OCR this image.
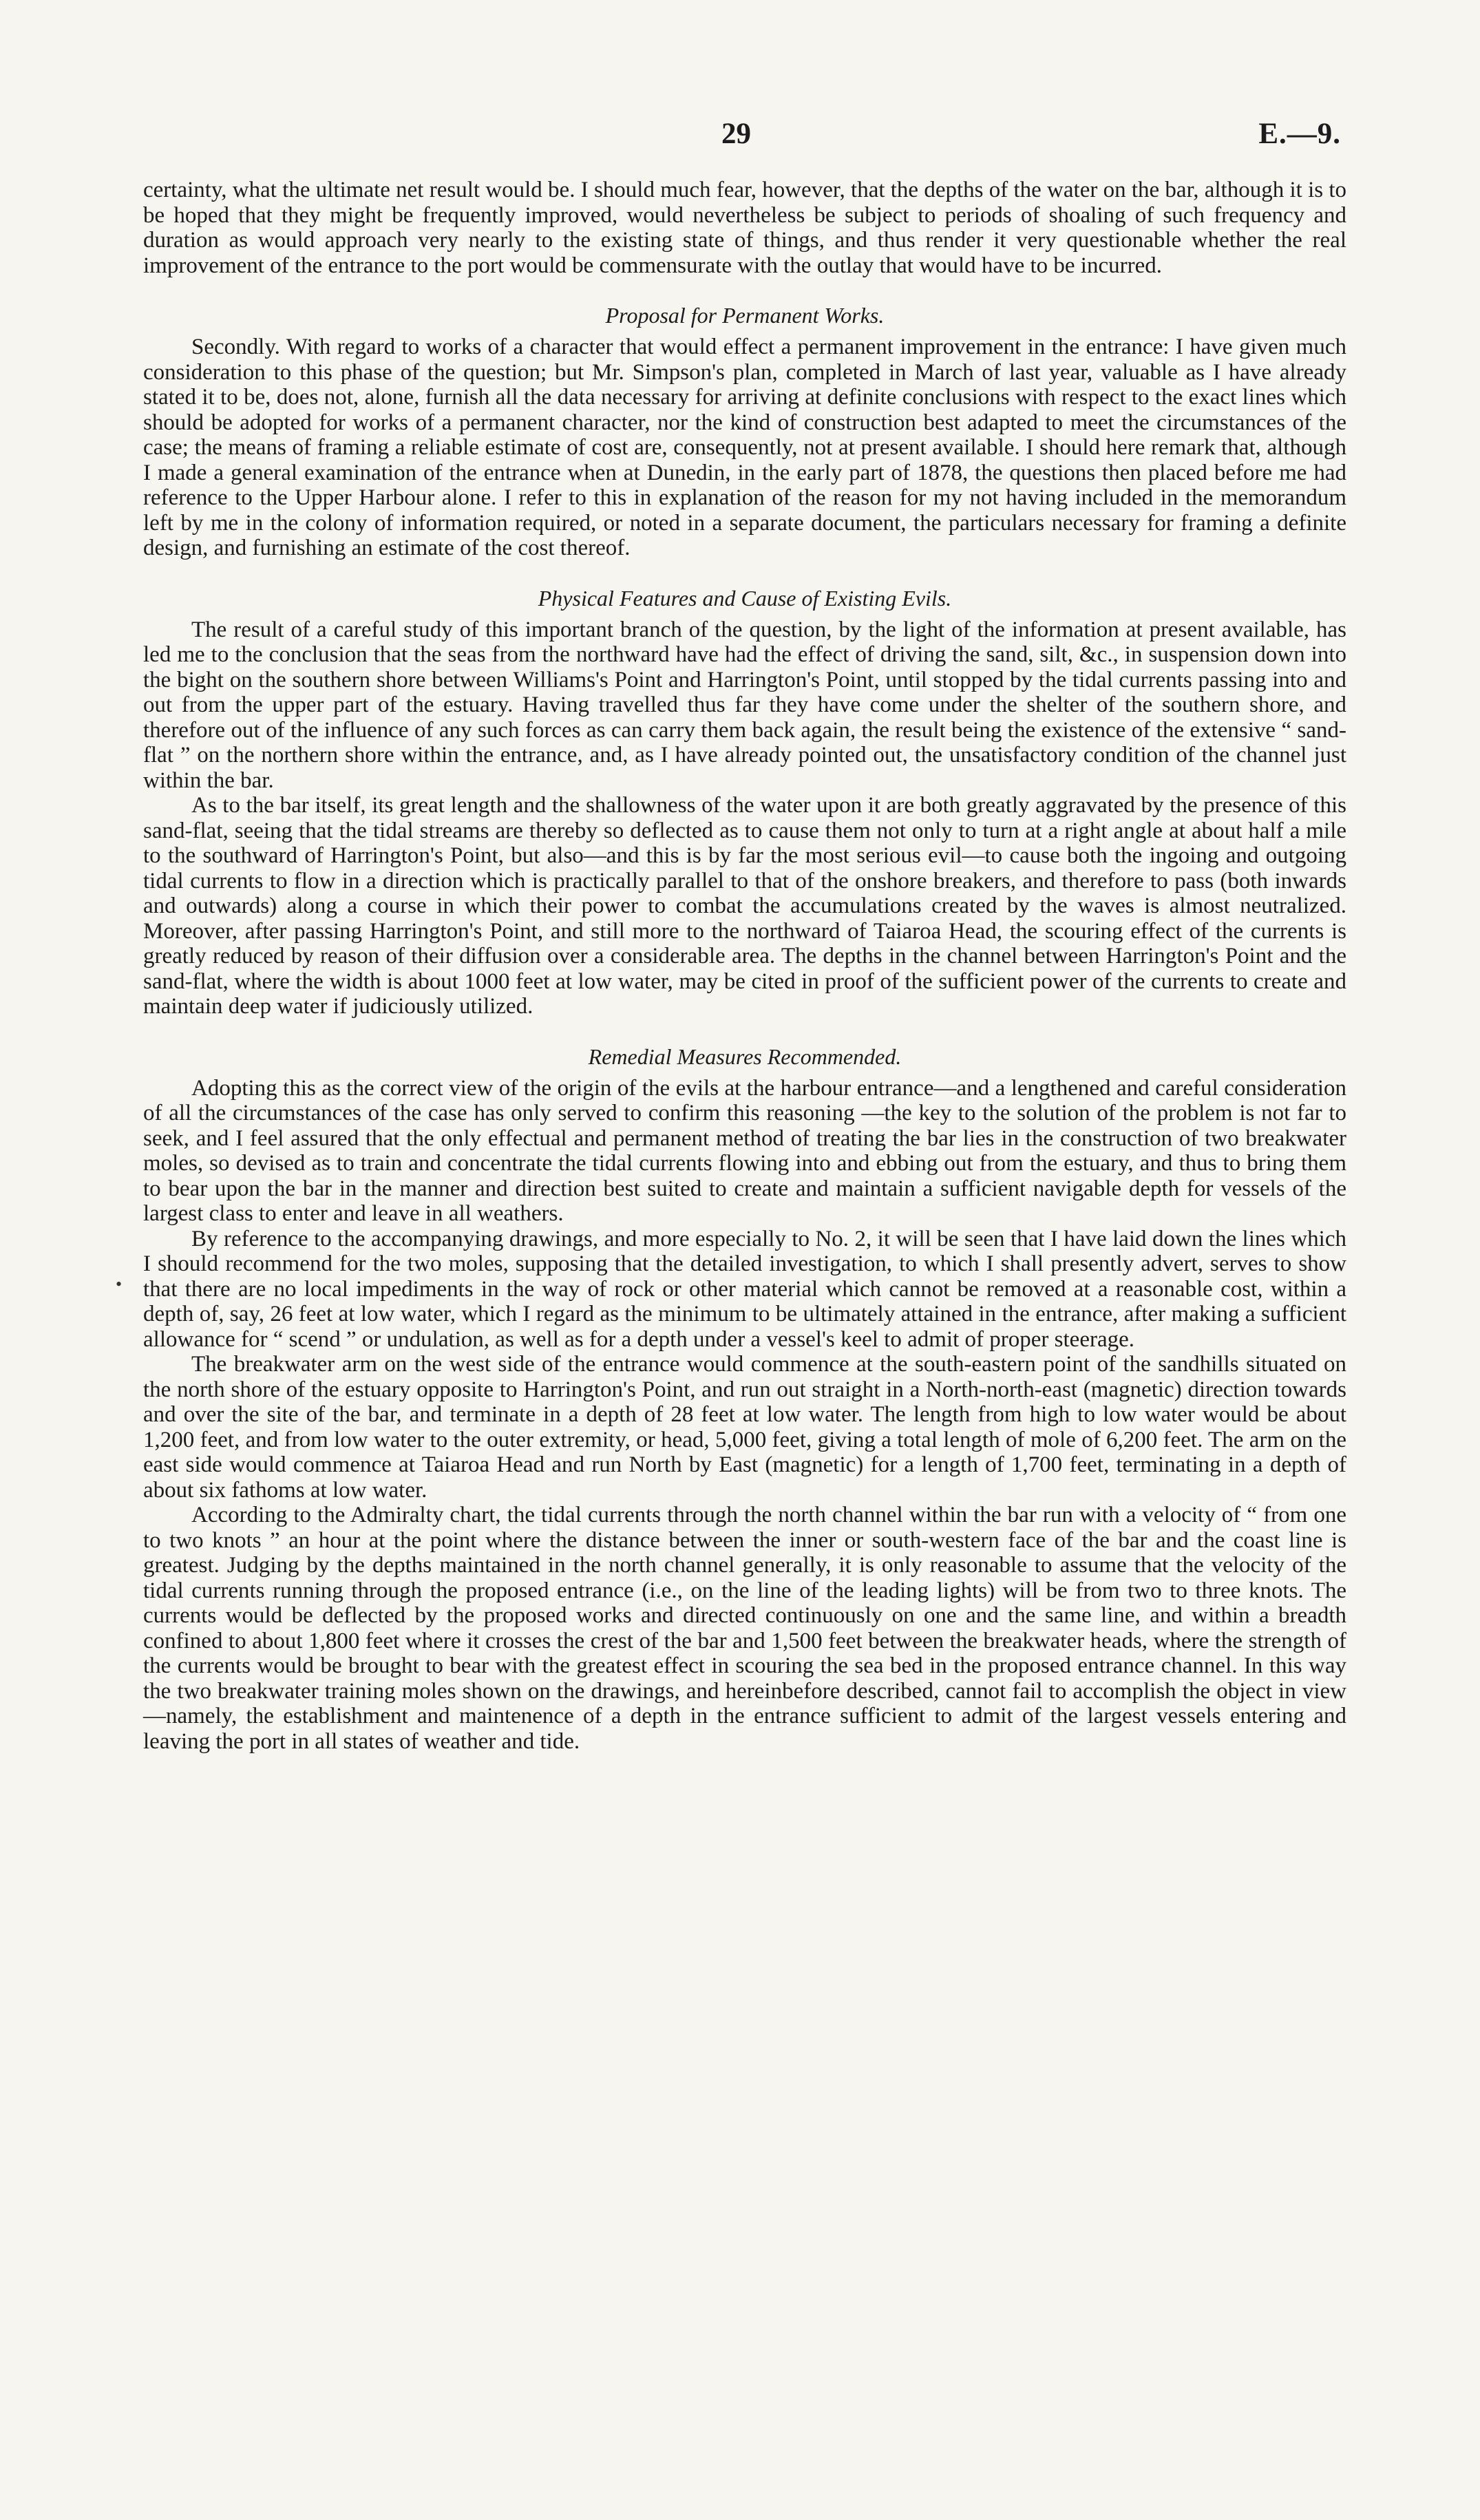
•
29	E.—9.

certainty, what the ultimate net result would be. I should much fear, however, that the depths of the water on the bar, although it is to be hoped that they might be frequently improved, would nevertheless be subject to periods of shoaling of such frequency and duration as would approach very nearly to the existing state of things, and thus render it very questionable whether the real improvement of the entrance to the port would be commensurate with the outlay that would have to be incurred.

Proposal for Permanent Works.

Secondly. With regard to works of a character that would effect a permanent improvement in the entrance: I have given much consideration to this phase of the question; but Mr. Simpson's plan, completed in March of last year, valuable as I have already stated it to be, does not, alone, furnish all the data necessary for arriving at definite conclusions with respect to the exact lines which should be adopted for works of a permanent character, nor the kind of construction best adapted to meet the circumstances of the case; the means of framing a reliable estimate of cost are, consequently, not at present available. I should here remark that, although I made a general examination of the entrance when at Dunedin, in the early part of 1878, the questions then placed before me had reference to the Upper Harbour alone. I refer to this in explanation of the reason for my not having included in the memorandum left by me in the colony of information required, or noted in a separate document, the particulars necessary for framing a definite design, and furnishing an estimate of the cost thereof.

Physical Features and Cause of Existing Evils.

The result of a careful study of this important branch of the question, by the light of the information at present available, has led me to the conclusion that the seas from the northward have had the effect of driving the sand, silt, &c., in suspension down into the bight on the southern shore between Williams's Point and Harrington's Point, until stopped by the tidal currents passing into and out from the upper part of the estuary. Having travelled thus far they have come under the shelter of the southern shore, and therefore out of the influence of any such forces as can carry them back again, the result being the existence of the extensive “ sand-flat ” on the northern shore within the entrance, and, as I have already pointed out, the unsatisfactory condition of the channel just within the bar.

As to the bar itself, its great length and the shallowness of the water upon it are both greatly aggravated by the presence of this sand-flat, seeing that the tidal streams are thereby so deflected as to cause them not only to turn at a right angle at about half a mile to the southward of Harrington's Point, but also—and this is by far the most serious evil—to cause both the ingoing and outgoing tidal currents to flow in a direction which is practically parallel to that of the onshore breakers, and therefore to pass (both inwards and outwards) along a course in which their power to combat the accumulations created by the waves is almost neutralized. Moreover, after passing Harrington's Point, and still more to the northward of Taiaroa Head, the scouring effect of the currents is greatly reduced by reason of their diffusion over a considerable area. The depths in the channel between Harrington's Point and the sand-flat, where the width is about 1000 feet at low water, may be cited in proof of the sufficient power of the currents to create and maintain deep water if judiciously utilized.

Remedial Measures Recommended.

Adopting this as the correct view of the origin of the evils at the harbour entrance—and a lengthened and careful consideration of all the circumstances of the case has only served to confirm this reasoning —the key to the solution of the problem is not far to seek, and I feel assured that the only effectual and permanent method of treating the bar lies in the construction of two breakwater moles, so devised as to train and concentrate the tidal currents flowing into and ebbing out from the estuary, and thus to bring them to bear upon the bar in the manner and direction best suited to create and maintain a sufficient navigable depth for vessels of the largest class to enter and leave in all weathers.

By reference to the accompanying drawings, and more especially to No. 2, it will be seen that I have laid down the lines which I should recommend for the two moles, supposing that the detailed investigation, to which I shall presently advert, serves to show that there are no local impediments in the way of rock or other material which cannot be removed at a reasonable cost, within a depth of, say, 26 feet at low water, which I regard as the minimum to be ultimately attained in the entrance, after making a sufficient allowance for “ scend ” or undulation, as well as for a depth under a vessel's keel to admit of proper steerage.

The breakwater arm on the west side of the entrance would commence at the south-eastern point of the sandhills situated on the north shore of the estuary opposite to Harrington's Point, and run out straight in a North-north-east (magnetic) direction towards and over the site of the bar, and terminate in a depth of 28 feet at low water. The length from high to low water would be about 1,200 feet, and from low water to the outer extremity, or head, 5,000 feet, giving a total length of mole of 6,200 feet. The arm on the east side would commence at Taiaroa Head and run North by East (magnetic) for a length of 1,700 feet, terminating in a depth of about six fathoms at low water.

According to the Admiralty chart, the tidal currents through the north channel within the bar run with a velocity of “ from one to two knots ” an hour at the point where the distance between the inner or south-western face of the bar and the coast line is greatest. Judging by the depths maintained in the north channel generally, it is only reasonable to assume that the velocity of the tidal currents running through the proposed entrance (i.e., on the line of the leading lights) will be from two to three knots. The currents would be deflected by the proposed works and directed continuously on one and the same line, and within a breadth confined to about 1,800 feet where it crosses the crest of the bar and 1,500 feet between the breakwater heads, where the strength of the currents would be brought to bear with the greatest effect in scouring the sea bed in the proposed entrance channel. In this way the two breakwater training moles shown on the drawings, and hereinbefore described, cannot fail to accomplish the object in view—namely, the establishment and maintenence of a depth in the entrance sufficient to admit of the largest vessels entering and leaving the port in all states of weather and tide.
